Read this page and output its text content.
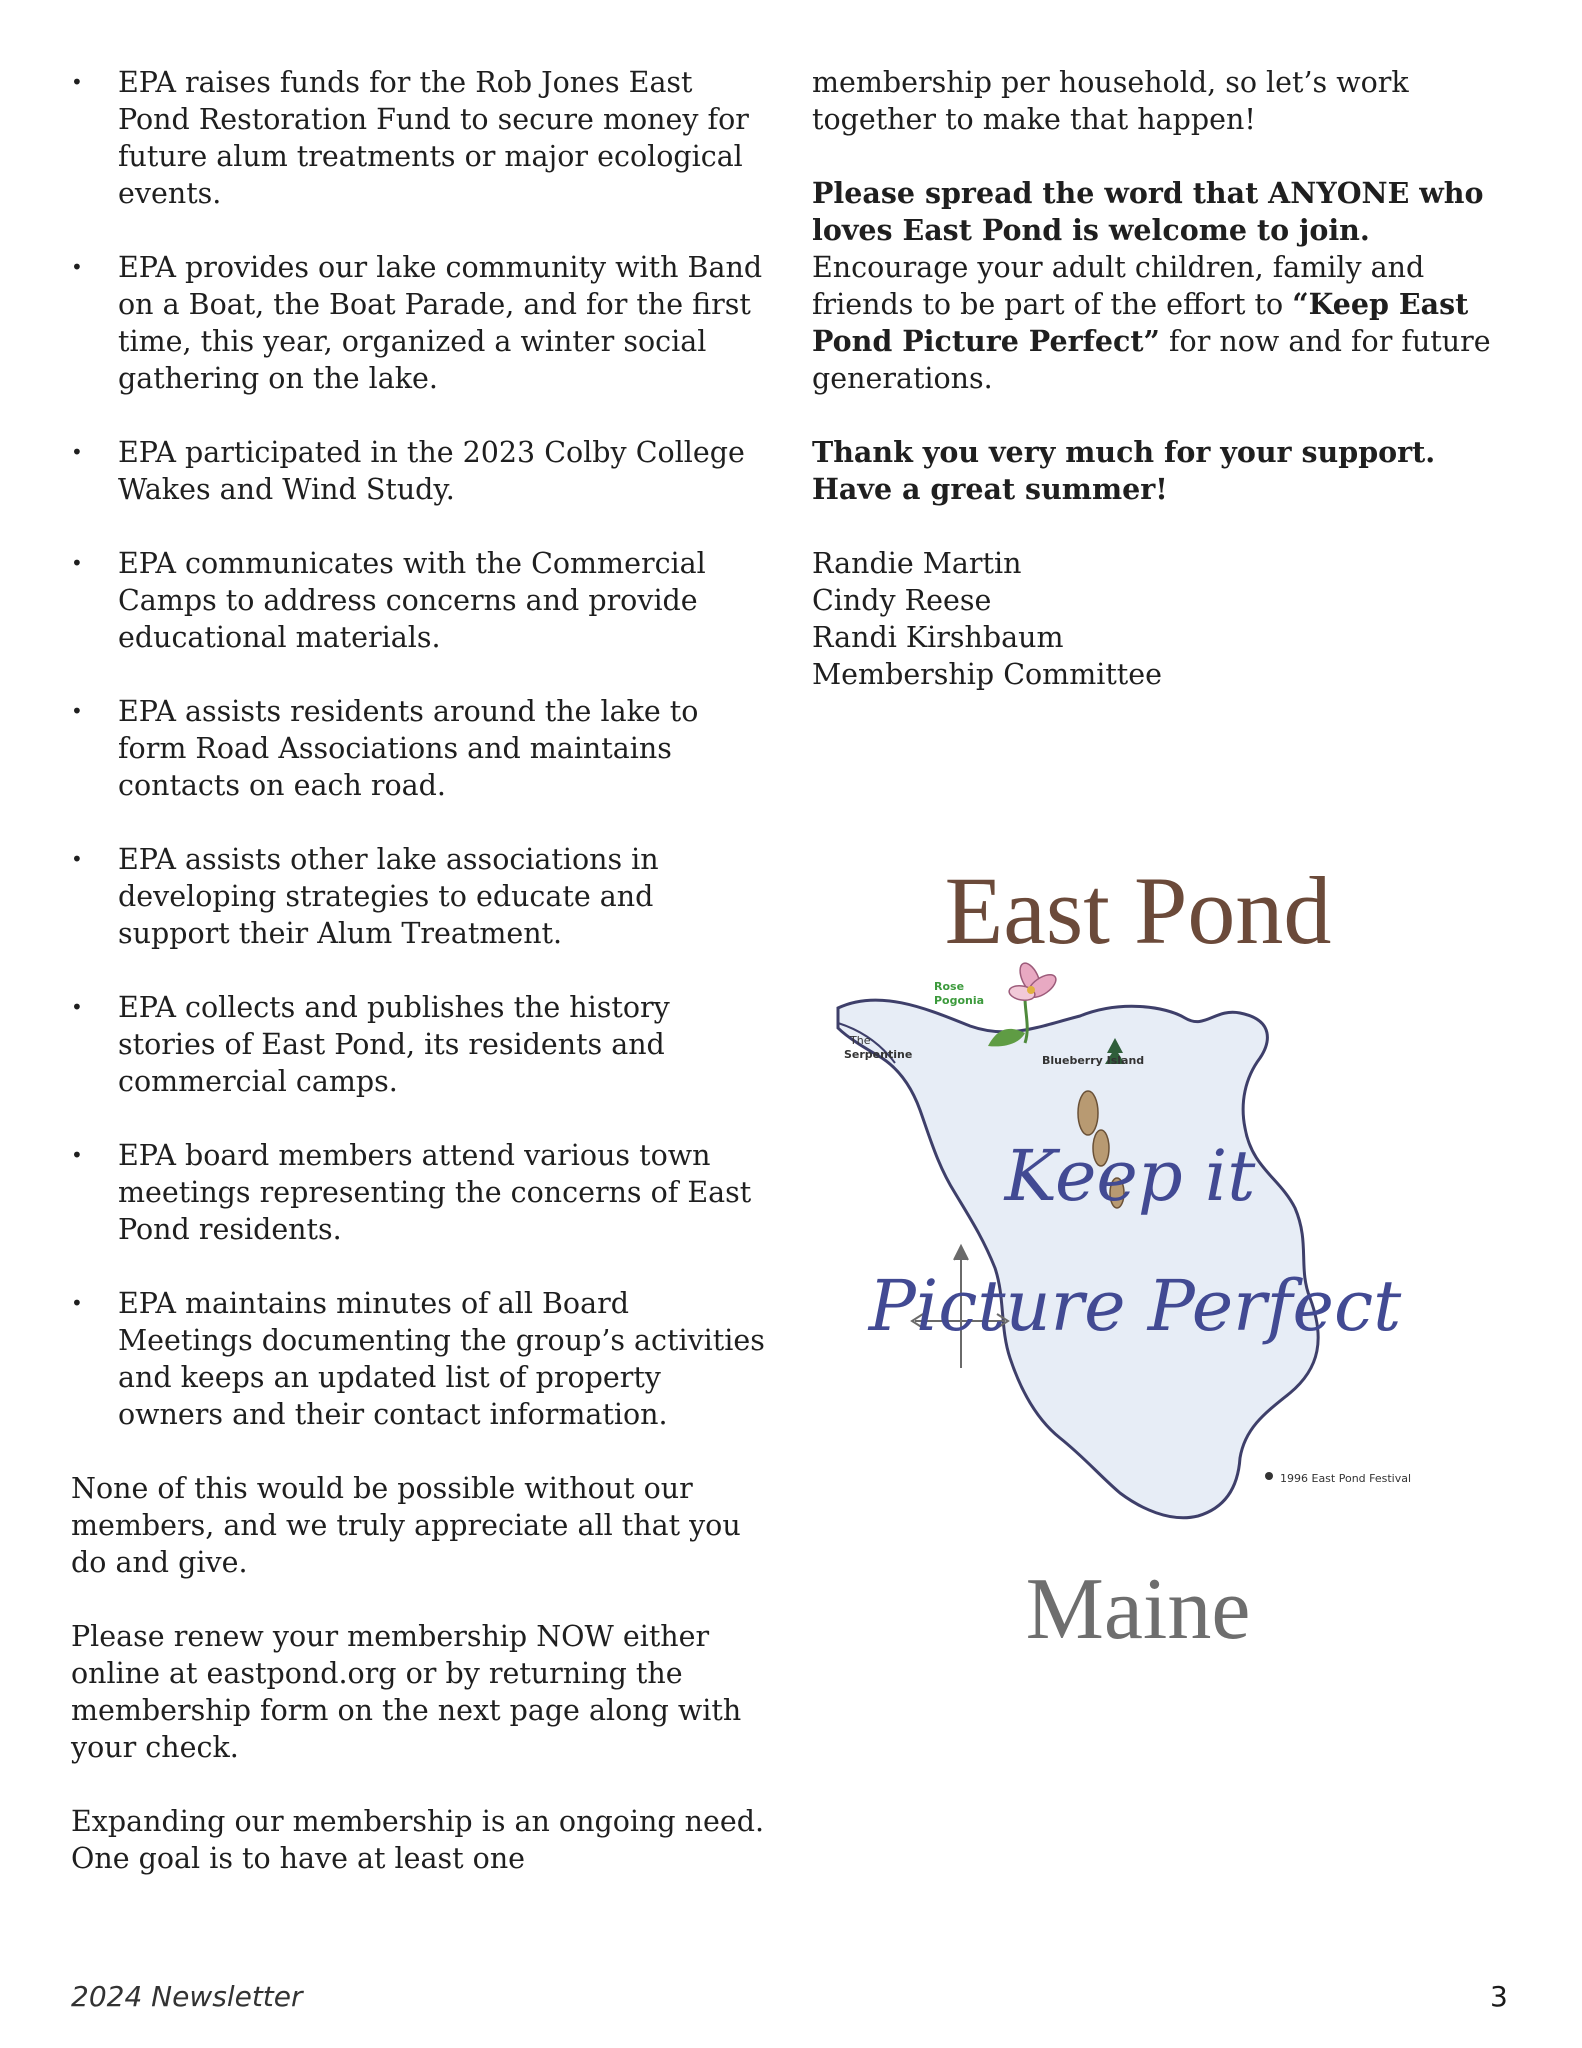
• EPA raises funds for the Rob Jones East Pond Restoration Fund to secure money for future alum treatments or major ecological events.
• EPA provides our lake community with Band on a Boat, the Boat Parade, and for the first time, this year, organized a winter social gathering on the lake.
• EPA participated in the 2023 Colby College Wakes and Wind Study.
• EPA communicates with the Commercial Camps to address concerns and provide educational materials.
• EPA assists residents around the lake to form Road Associations and maintains contacts on each road.
• EPA assists other lake associations in developing strategies to educate and support their Alum Treatment.
• EPA collects and publishes the history stories of East Pond, its residents and commercial camps.
• EPA board members attend various town meetings representing the concerns of East Pond residents.
• EPA maintains minutes of all Board Meetings documenting the group’s activities and keeps an updated list of property owners and their contact information.

None of this would be possible without our members, and we truly appreciate all that you do and give.

Please renew your membership NOW either online at eastpond.org or by returning the membership form on the next page along with your check.

Expanding our membership is an ongoing need. One goal is to have at least one

membership per household, so let’s work together to make that happen!

Please spread the word that ANYONE who loves East Pond is welcome to join. Encourage your adult children, family and friends to be part of the effort to “Keep East Pond Picture Perfect” for now and for future generations.

Thank you very much for your support. Have a great summer!

Randie Martin
Cindy Reese
Randi Kirshbaum
Membership Committee
East Pond
Rose
Pogonia
The
Serpentine	Blueberry Island
1996 East Pond Festival
Keep it
Picture Perfect
Maine
2024 Newsletter	3
